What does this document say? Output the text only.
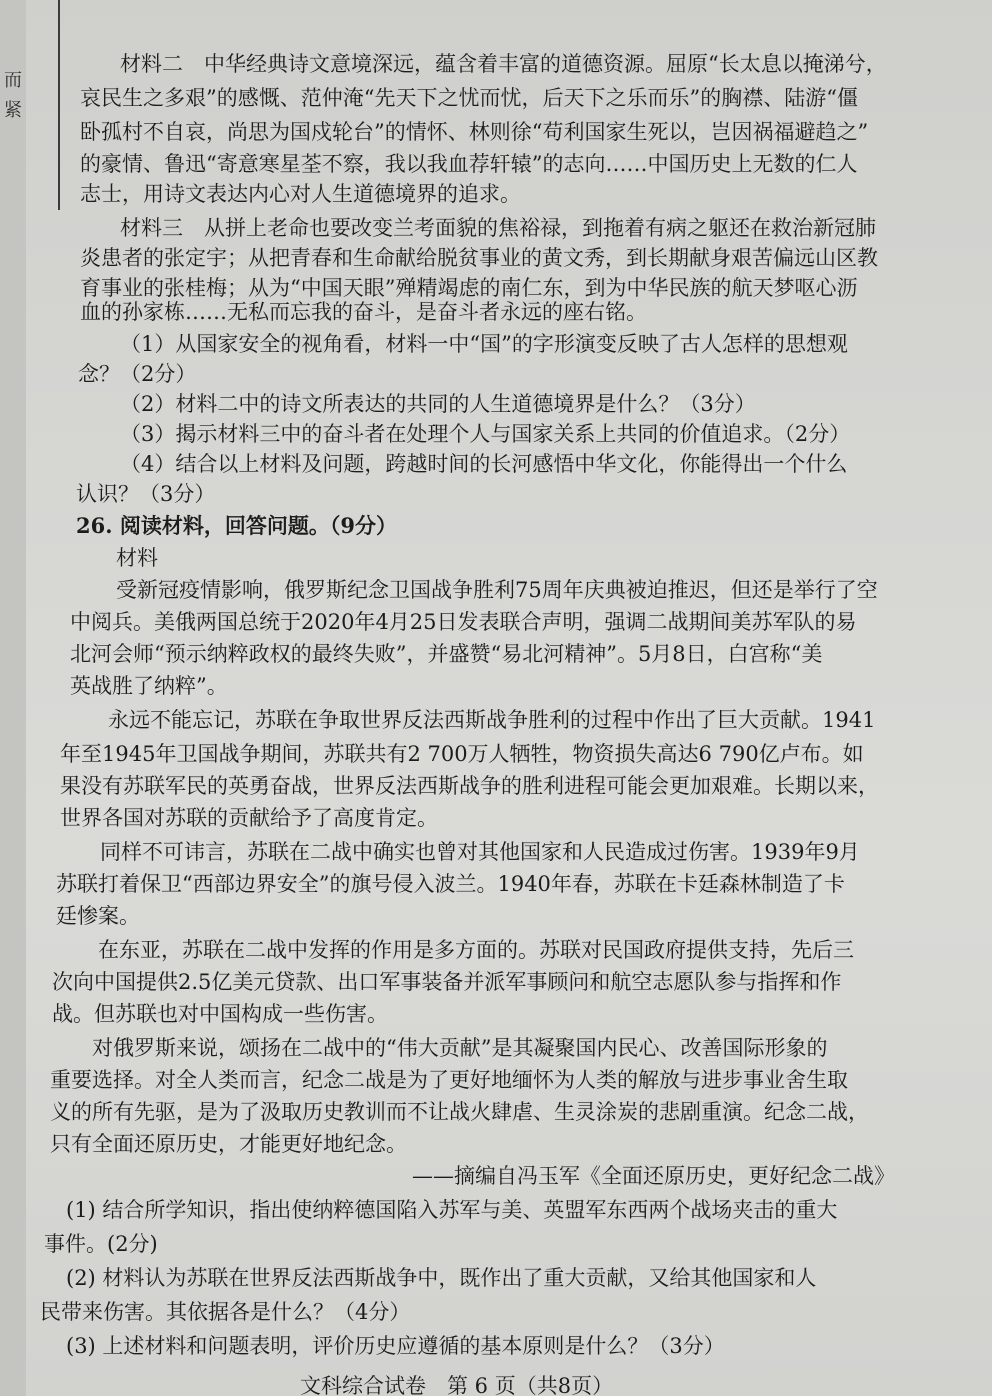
而
紧
材料二　中华经典诗文意境深远，蕴含着丰富的道德资源。屈原“长太息以掩涕兮，
哀民生之多艰”的感慨、范仲淹“先天下之忧而忧，后天下之乐而乐”的胸襟、陆游“僵
卧孤村不自哀，尚思为国戍轮台”的情怀、林则徐“苟利国家生死以，岂因祸福避趋之”
的豪情、鲁迅“寄意寒星荃不察，我以我血荐轩辕”的志向……中国历史上无数的仁人
志士，用诗文表达内心对人生道德境界的追求。
材料三　从拼上老命也要改变兰考面貌的焦裕禄，到拖着有病之躯还在救治新冠肺
炎患者的张定宇；从把青春和生命献给脱贫事业的黄文秀，到长期献身艰苦偏远山区教
育事业的张桂梅；从为“中国天眼”殚精竭虑的南仁东，到为中华民族的航天梦呕心沥
血的孙家栋……无私而忘我的奋斗，是奋斗者永远的座右铭。
（1）从国家安全的视角看，材料一中“国”的字形演变反映了古人怎样的思想观
念？（2分）
（2）材料二中的诗文所表达的共同的人生道德境界是什么？（3分）
（3）揭示材料三中的奋斗者在处理个人与国家关系上共同的价值追求。（2分）
（4）结合以上材料及问题，跨越时间的长河感悟中华文化，你能得出一个什么
认识？（3分）
26. 阅读材料，回答问题。（9分）
材料
受新冠疫情影响，俄罗斯纪念卫国战争胜利75周年庆典被迫推迟，但还是举行了空
中阅兵。美俄两国总统于2020年4月25日发表联合声明，强调二战期间美苏军队的易
北河会师“预示纳粹政权的最终失败”，并盛赞“易北河精神”。5月8日，白宫称“美
英战胜了纳粹”。
永远不能忘记，苏联在争取世界反法西斯战争胜利的过程中作出了巨大贡献。1941
年至1945年卫国战争期间，苏联共有2 700万人牺牲，物资损失高达6 790亿卢布。如
果没有苏联军民的英勇奋战，世界反法西斯战争的胜利进程可能会更加艰难。长期以来，
世界各国对苏联的贡献给予了高度肯定。
同样不可讳言，苏联在二战中确实也曾对其他国家和人民造成过伤害。1939年9月
苏联打着保卫“西部边界安全”的旗号侵入波兰。1940年春，苏联在卡廷森林制造了卡
廷惨案。
在东亚，苏联在二战中发挥的作用是多方面的。苏联对民国政府提供支持，先后三
次向中国提供2.5亿美元贷款、出口军事装备并派军事顾问和航空志愿队参与指挥和作
战。但苏联也对中国构成一些伤害。
对俄罗斯来说，颂扬在二战中的“伟大贡献”是其凝聚国内民心、改善国际形象的
重要选择。对全人类而言，纪念二战是为了更好地缅怀为人类的解放与进步事业舍生取
义的所有先驱，是为了汲取历史教训而不让战火肆虐、生灵涂炭的悲剧重演。纪念二战，
只有全面还原历史，才能更好地纪念。
——摘编自冯玉军《全面还原历史，更好纪念二战》
(1) 结合所学知识，指出使纳粹德国陷入苏军与美、英盟军东西两个战场夹击的重大
事件。(2分)
(2) 材料认为苏联在世界反法西斯战争中，既作出了重大贡献，又给其他国家和人
民带来伤害。其依据各是什么？（4分）
(3) 上述材料和问题表明，评价历史应遵循的基本原则是什么？（3分）
文科综合试卷　第 6 页（共8页）
